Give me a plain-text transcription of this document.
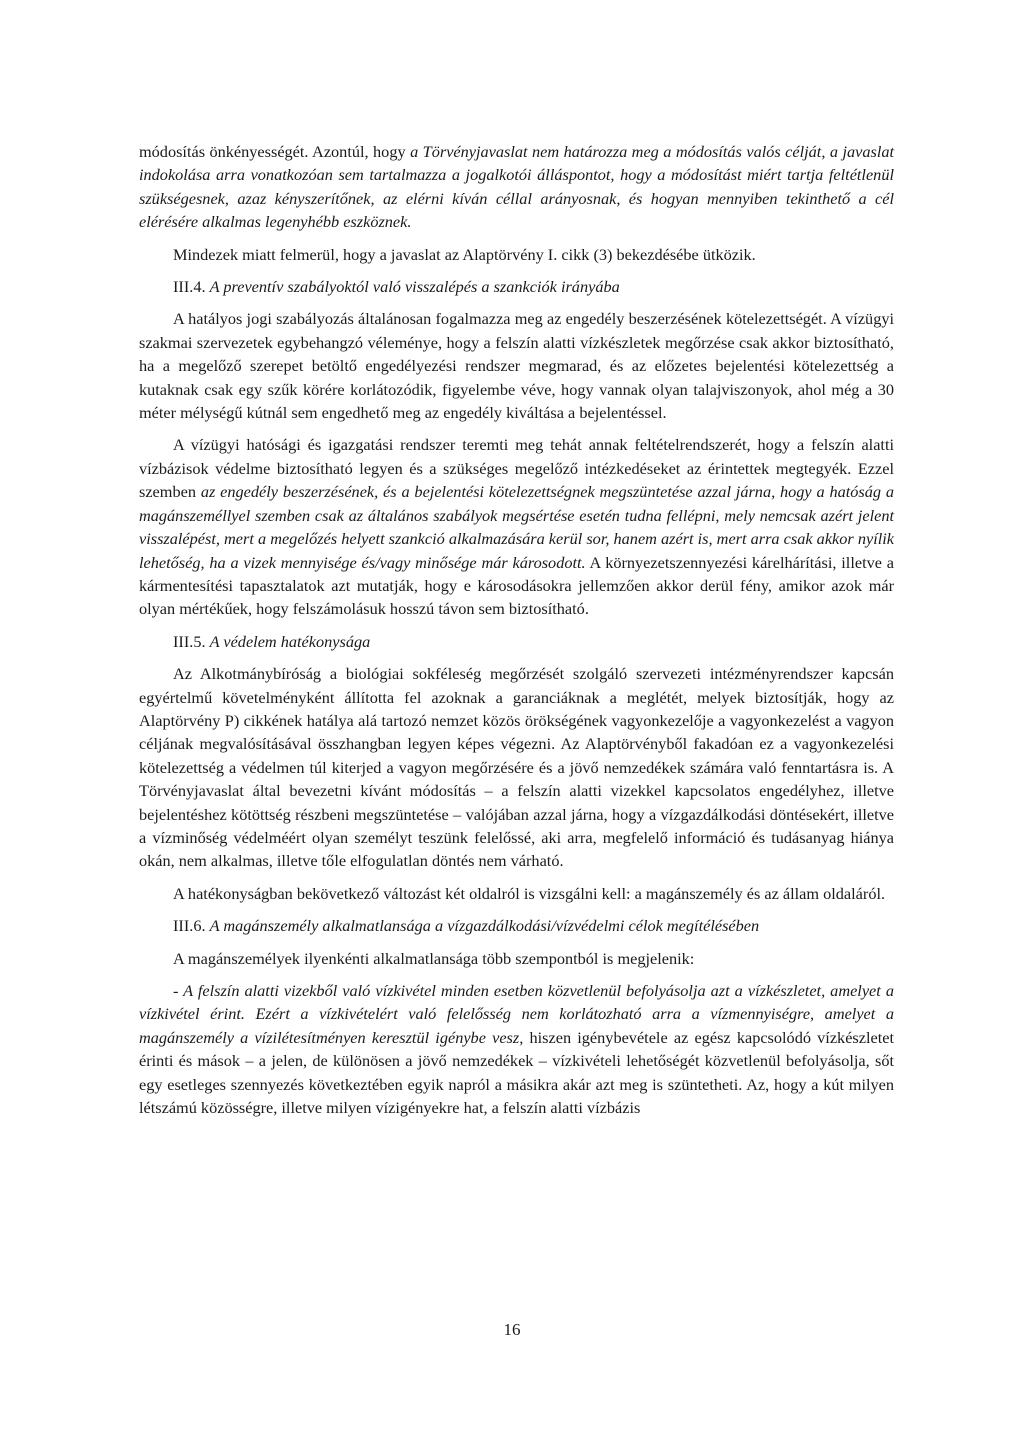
módosítás önkényességét. Azontúl, hogy a Törvényjavaslat nem határozza meg a módosítás valós célját, a javaslat indokolása arra vonatkozóan sem tartalmazza a jogalkotói álláspontot, hogy a módosítást miért tartja feltétlenül szükségesnek, azaz kényszerítőnek, az elérni kíván céllal arányosnak, és hogyan mennyiben tekinthető a cél elérésére alkalmas legenyhébb eszköznek.

Mindezek miatt felmerül, hogy a javaslat az Alaptörvény I. cikk (3) bekezdésébe ütközik.

III.4. A preventív szabályoktól való visszalépés a szankciók irányába

A hatályos jogi szabályozás általánosan fogalmazza meg az engedély beszerzésének kötelezettségét. A vízügyi szakmai szervezetek egybehangzó véleménye, hogy a felszín alatti vízkészletek megőrzése csak akkor biztosítható, ha a megelőző szerepet betöltő engedélyezési rendszer megmarad, és az előzetes bejelentési kötelezettség a kutaknak csak egy szűk körére korlátozódik, figyelembe véve, hogy vannak olyan talajviszonyok, ahol még a 30 méter mélységű kútnál sem engedhető meg az engedély kiváltása a bejelentéssel.

A vízügyi hatósági és igazgatási rendszer teremti meg tehát annak feltételrendszerét, hogy a felszín alatti vízbázisok védelme biztosítható legyen és a szükséges megelőző intézkedéseket az érintettek megtegyék. Ezzel szemben az engedély beszerzésének, és a bejelentési kötelezettségnek megszüntetése azzal járna, hogy a hatóság a magánszeméllyel szemben csak az általános szabályok megsértése esetén tudna fellépni, mely nemcsak azért jelent visszalépést, mert a megelőzés helyett szankció alkalmazására kerül sor, hanem azért is, mert arra csak akkor nyílik lehetőség, ha a vizek mennyisége és/vagy minősége már károsodott. A környezetszennyezési kárelhárítási, illetve a kármentesítési tapasztalatok azt mutatják, hogy e károsodásokra jellemzően akkor derül fény, amikor azok már olyan mértékűek, hogy felszámolásuk hosszú távon sem biztosítható.

III.5. A védelem hatékonysága

Az Alkotmánybíróság a biológiai sokféleség megőrzését szolgáló szervezeti intézményrendszer kapcsán egyértelmű követelményként állította fel azoknak a garanciáknak a meglétét, melyek biztosítják, hogy az Alaptörvény P) cikkének hatálya alá tartozó nemzet közös örökségének vagyonkezelője a vagyonkezelést a vagyon céljának megvalósításával összhangban legyen képes végezni. Az Alaptörvényből fakadóan ez a vagyonkezelési kötelezettség a védelmen túl kiterjed a vagyon megőrzésére és a jövő nemzedékek számára való fenntartásra is. A Törvényjavaslat által bevezetni kívánt módosítás – a felszín alatti vizekkel kapcsolatos engedélyhez, illetve bejelentéshez kötöttség részbeni megszüntetése – valójában azzal járna, hogy a vízgazdálkodási döntésekért, illetve a vízminőség védelméért olyan személyt teszünk felelőssé, aki arra, megfelelő információ és tudásanyag hiánya okán, nem alkalmas, illetve tőle elfogulatlan döntés nem várható.

A hatékonyságban bekövetkező változást két oldalról is vizsgálni kell: a magánszemély és az állam oldaláról.

III.6. A magánszemély alkalmatlansága a vízgazdálkodási/vízvédelmi célok megítélésében

A magánszemélyek ilyenkénti alkalmatlansága több szempontból is megjelenik:

- A felszín alatti vizekből való vízkivétel minden esetben közvetlenül befolyásolja azt a vízkészletet, amelyet a vízkivétel érint. Ezért a vízkivételért való felelősség nem korlátozható arra a vízmennyiségre, amelyet a magánszemély a vízilétesítményen keresztül igénybe vesz, hiszen igénybevétele az egész kapcsolódó vízkészletet érinti és mások – a jelen, de különösen a jövő nemzedékek – vízkivételi lehetőségét közvetlenül befolyásolja, sőt egy esetleges szennyezés következtében egyik napról a másikra akár azt meg is szüntetheti. Az, hogy a kút milyen létszámú közösségre, illetve milyen vízigényekre hat, a felszín alatti vízbázis

16
